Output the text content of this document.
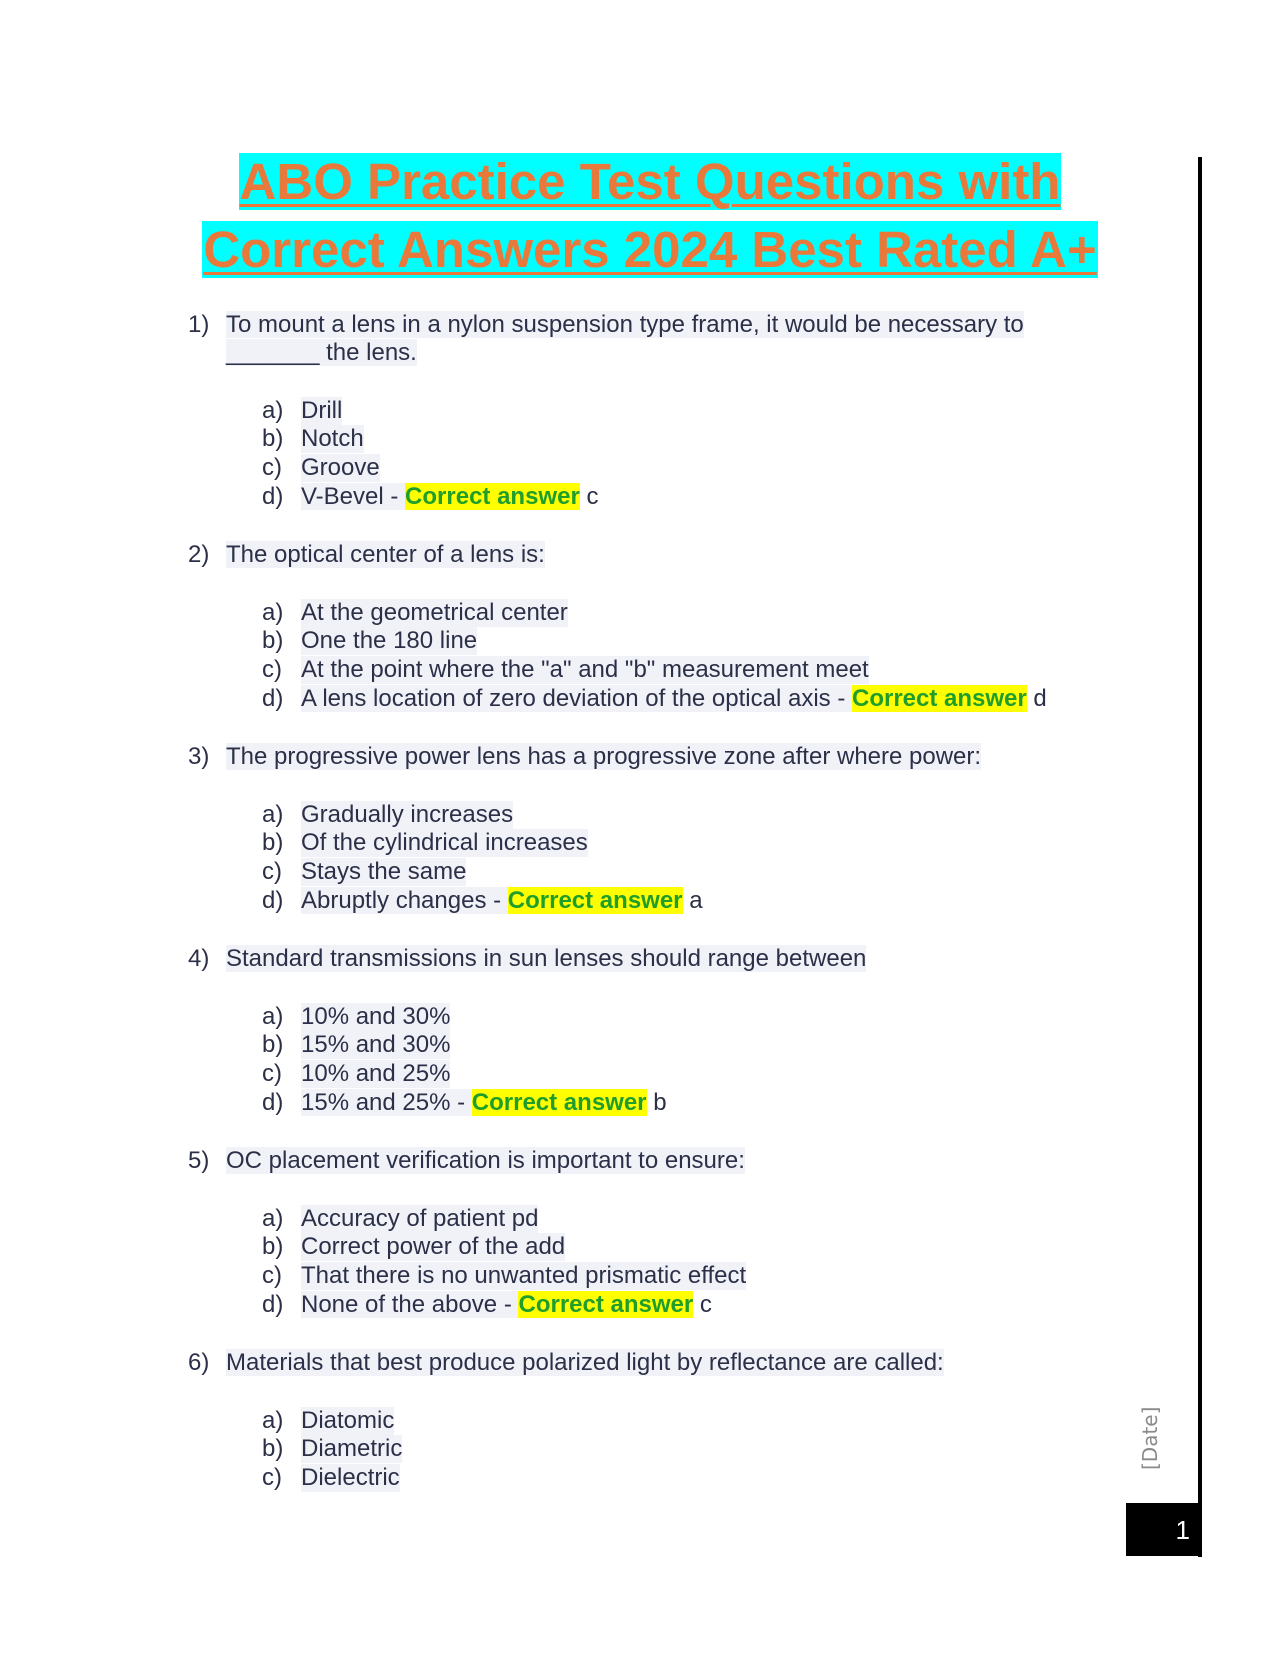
ABO Practice Test Questions with
Correct Answers 2024 Best Rated A+
1) To mount a lens in a nylon suspension type frame, it would be necessary to
_______ the lens.
a) Drill
b) Notch
c) Groove
d) V-Bevel - Correct answer c
2) The optical center of a lens is:
a) At the geometrical center
b) One the 180 line
c) At the point where the "a" and "b" measurement meet
d) A lens location of zero deviation of the optical axis - Correct answer d
3) The progressive power lens has a progressive zone after where power:
a) Gradually increases
b) Of the cylindrical increases
c) Stays the same
d) Abruptly changes - Correct answer a
4) Standard transmissions in sun lenses should range between
a) 10% and 30%
b) 15% and 30%
c) 10% and 25%
d) 15% and 25% - Correct answer b
5) OC placement verification is important to ensure:
a) Accuracy of patient pd
b) Correct power of the add
c) That there is no unwanted prismatic effect
d) None of the above - Correct answer c
6) Materials that best produce polarized light by reflectance are called:
a) Diatomic
b) Diametric
c) Dielectric
[Date]
1
